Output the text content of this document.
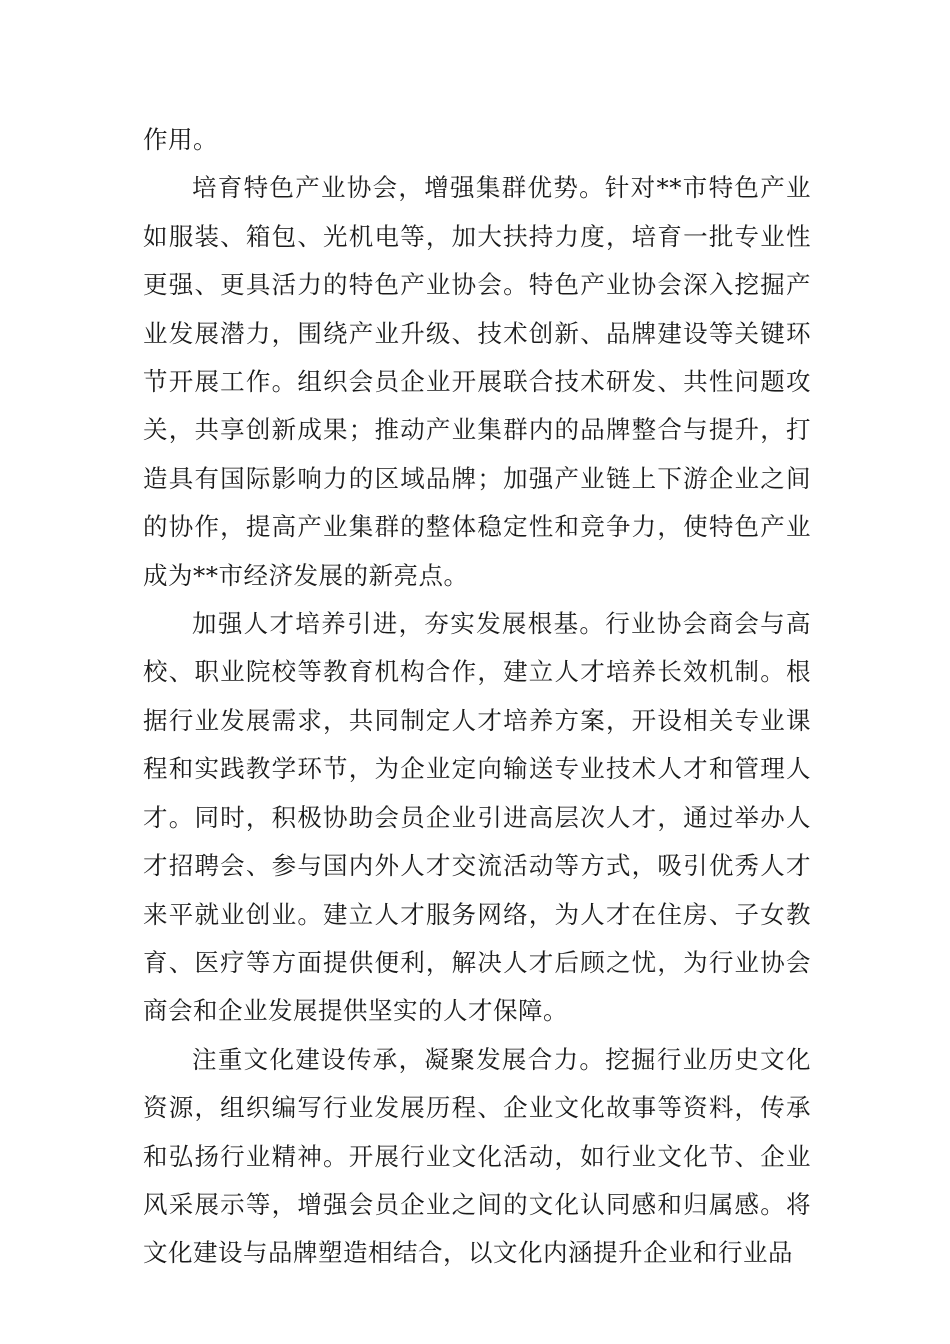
作用。

培育特色产业协会，增强集群优势。针对**市特色产业如服装、箱包、光机电等，加大扶持力度，培育一批专业性更强、更具活力的特色产业协会。特色产业协会深入挖掘产业发展潜力，围绕产业升级、技术创新、品牌建设等关键环节开展工作。组织会员企业开展联合技术研发、共性问题攻关，共享创新成果；推动产业集群内的品牌整合与提升，打造具有国际影响力的区域品牌；加强产业链上下游企业之间的协作，提高产业集群的整体稳定性和竞争力，使特色产业成为**市经济发展的新亮点。

加强人才培养引进，夯实发展根基。行业协会商会与高校、职业院校等教育机构合作，建立人才培养长效机制。根据行业发展需求，共同制定人才培养方案，开设相关专业课程和实践教学环节，为企业定向输送专业技术人才和管理人才。同时，积极协助会员企业引进高层次人才，通过举办人才招聘会、参与国内外人才交流活动等方式，吸引优秀人才来平就业创业。建立人才服务网络，为人才在住房、子女教育、医疗等方面提供便利，解决人才后顾之忧，为行业协会商会和企业发展提供坚实的人才保障。

注重文化建设传承，凝聚发展合力。挖掘行业历史文化资源，组织编写行业发展历程、企业文化故事等资料，传承和弘扬行业精神。开展行业文化活动，如行业文化节、企业风采展示等，增强会员企业之间的文化认同感和归属感。将文化建设与品牌塑造相结合，以文化内涵提升企业和行业品
